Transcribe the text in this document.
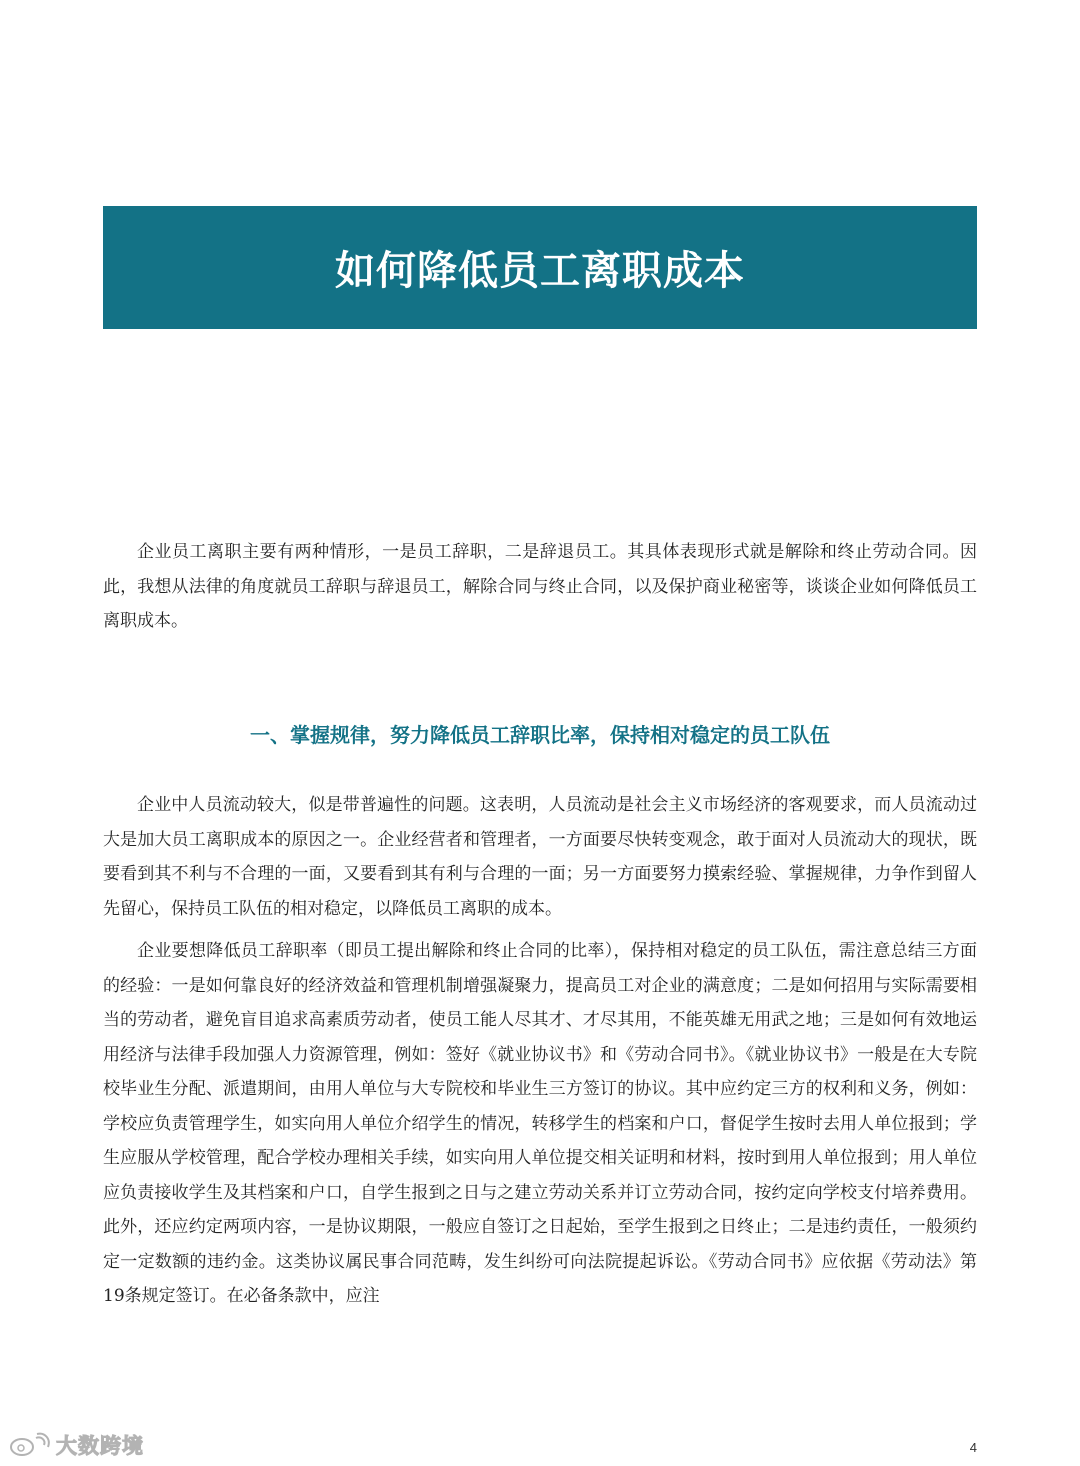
如何降低员工离职成本

企业员工离职主要有两种情形，一是员工辞职，二是辞退员工。其具体表现形式就是解除和终止劳动合同。因此，我想从法律的角度就员工辞职与辞退员工，解除合同与终止合同，以及保护商业秘密等，谈谈企业如何降低员工离职成本。

一、掌握规律，努力降低员工辞职比率，保持相对稳定的员工队伍

企业中人员流动较大，似是带普遍性的问题。这表明，人员流动是社会主义市场经济的客观要求，而人员流动过大是加大员工离职成本的原因之一。企业经营者和管理者，一方面要尽快转变观念，敢于面对人员流动大的现状，既要看到其不利与不合理的一面，又要看到其有利与合理的一面；另一方面要努力摸索经验、掌握规律，力争作到留人先留心，保持员工队伍的相对稳定，以降低员工离职的成本。

企业要想降低员工辞职率（即员工提出解除和终止合同的比率），保持相对稳定的员工队伍，需注意总结三方面的经验：一是如何靠良好的经济效益和管理机制增强凝聚力，提高员工对企业的满意度；二是如何招用与实际需要相当的劳动者，避免盲目追求高素质劳动者，使员工能人尽其才、才尽其用，不能英雄无用武之地；三是如何有效地运用经济与法律手段加强人力资源管理，例如：签好《就业协议书》和《劳动合同书》。《就业协议书》一般是在大专院校毕业生分配、派遣期间，由用人单位与大专院校和毕业生三方签订的协议。其中应约定三方的权利和义务，例如：学校应负责管理学生，如实向用人单位介绍学生的情况，转移学生的档案和户口，督促学生按时去用人单位报到；学生应服从学校管理，配合学校办理相关手续，如实向用人单位提交相关证明和材料，按时到用人单位报到；用人单位应负责接收学生及其档案和户口，自学生报到之日与之建立劳动关系并订立劳动合同，按约定向学校支付培养费用。此外，还应约定两项内容，一是协议期限，一般应自签订之日起始，至学生报到之日终止；二是违约责任，一般须约定一定数额的违约金。这类协议属民事合同范畴，发生纠纷可向法院提起诉讼。《劳动合同书》应依据《劳动法》第19条规定签订。在必备条款中，应注

4
大数跨境
